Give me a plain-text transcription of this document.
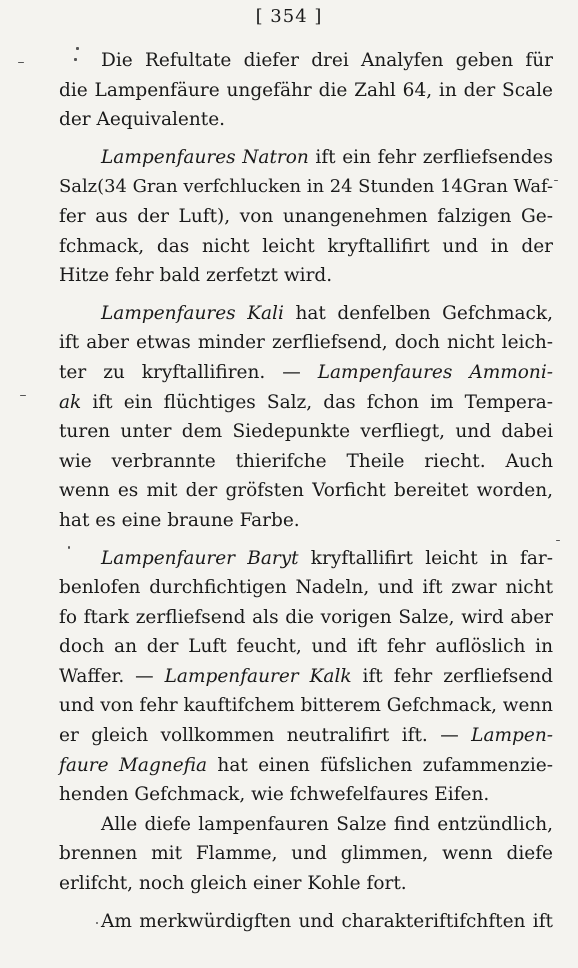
[ 354 ]
Die Refultate diefer drei Analyfen geben für
die Lampenfäure ungefähr die Zahl 64, in der Scale
der Aequivalente.
Lampenfaures Natron ift ein fehr zerfliefsendes
Salz(34 Gran verfchlucken in 24 Stunden 14Gran Waf-
fer aus der Luft), von unangenehmen falzigen Ge-
fchmack, das nicht leicht kryftallifirt und in der
Hitze fehr bald zerfetzt wird.
Lampenfaures Kali hat denfelben Gefchmack,
ift aber etwas minder zerfliefsend, doch nicht leich-
ter zu kryftallifiren. — Lampenfaures Ammoni-
ak ift ein flüchtiges Salz, das fchon im Tempera-
turen unter dem Siedepunkte verfliegt, und dabei
wie verbrannte thierifche Theile riecht. Auch
wenn es mit der gröfsten Vorficht bereitet worden,
hat es eine braune Farbe.
Lampenfaurer Baryt kryftallifirt leicht in far-
benlofen durchfichtigen Nadeln, und ift zwar nicht
fo ftark zerfliefsend als die vorigen Salze, wird aber
doch an der Luft feucht, und ift fehr auflöslich in
Waffer. — Lampenfaurer Kalk ift fehr zerfliefsend
und von fehr kauftifchem bitterem Gefchmack, wenn
er gleich vollkommen neutralifirt ift. — Lampen-
faure Magnefia hat einen füfslichen zufammenzie-
henden Gefchmack, wie fchwefelfaures Eifen.
Alle diefe lampenfauren Salze find entzündlich,
brennen mit Flamme, und glimmen, wenn diefe
erlifcht, noch gleich einer Kohle fort.
Am merkwürdigften und charakteriftifchften ift
